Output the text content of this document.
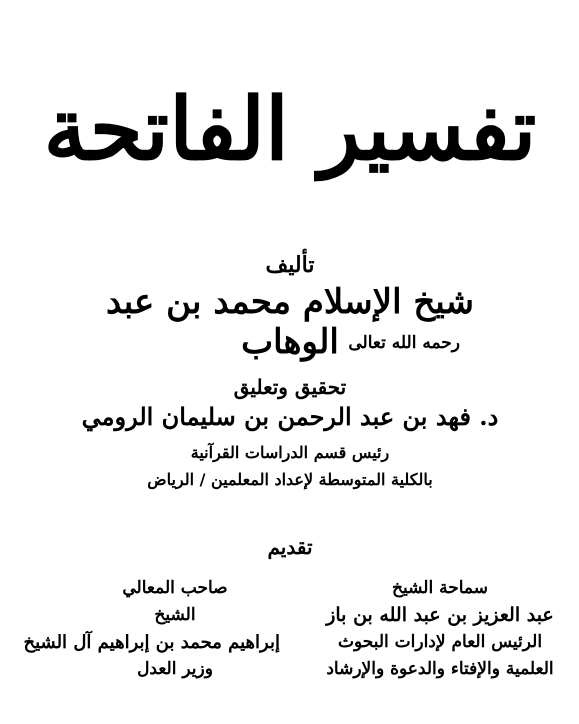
تفسير الفاتحة
تأليف
شيخ الإسلام محمد بن عبد الوهاب رحمه الله تعالى
تحقيق وتعليق
د. فهد بن عبد الرحمن بن سليمان الرومي
رئيس قسم الدراسات القرآنية
بالكلية المتوسطة لإعداد المعلمين / الرياض
تقديم
سماحة الشيخ
عبد العزيز بن عبد الله بن باز
الرئيس العام لإدارات البحوث
العلمية والإفتاء والدعوة والإرشاد
صاحب المعالي
الشيخ
إبراهيم محمد بن إبراهيم آل الشيخ
وزير العدل
